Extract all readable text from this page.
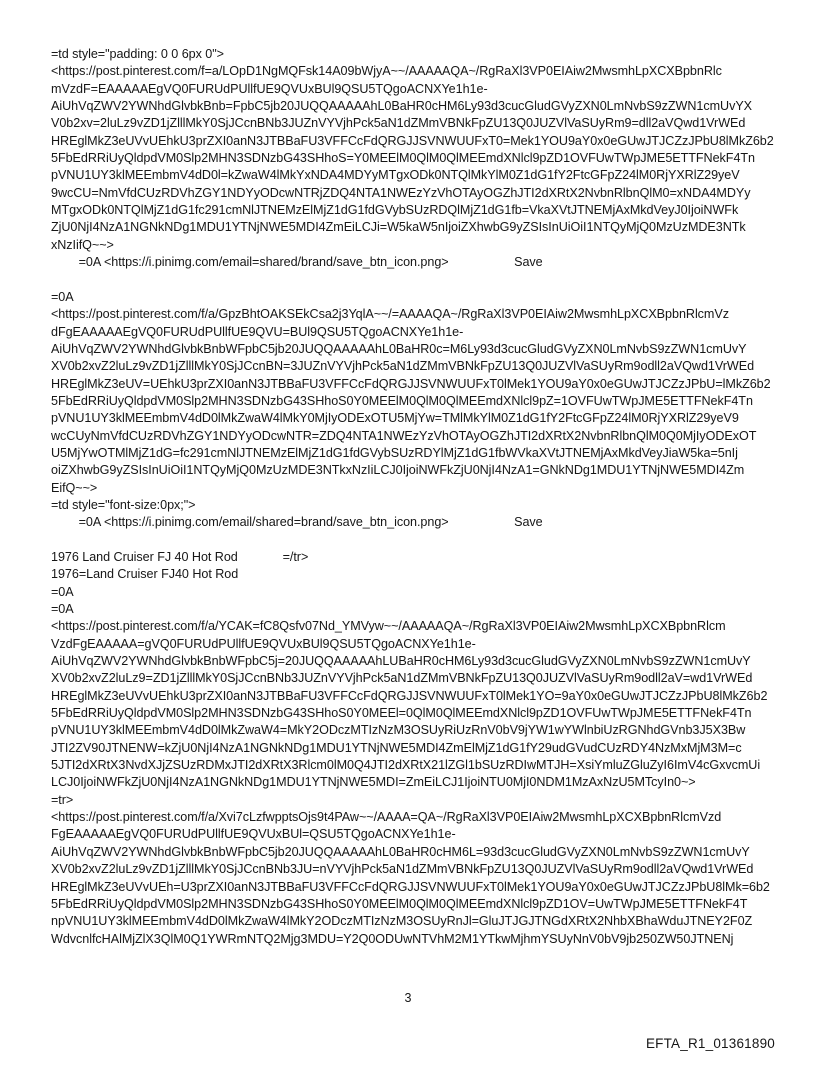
=td style="padding: 0 0 6px 0">
<https://post.pinterest.com/f=a/LOpD1NgMQFsk14A09bWjyA~~/AAAAAQA~/RgRaXl3VP0EIAiw2MwsmhLpXCXBpbnRlc
mVzdF=EAAAAAEgVQ0FURUdPUllfUE9QVUxBUl9QSU5TQgoACNXYe1h1e-
AiUhVqZWV2YWNhdGlvbkBnb=FpbC5jb20JUQQAAAAAhL0BaHR0cHM6Ly93d3cucGludGVyZXN0LmNvbS9zZWN1cmUvYX
V0b2xv=2luLz9vZD1jZlllMkY0SjJCcnBNb3JUZnVYVjhPck5aN1dZMmVBNkFpZU13Q0JUZVlVaSUyRm9=dll2aVQwd1VrWEd
HREglMkZ3eUVvUEhkU3prZXI0anN3JTBBaFU3VFFCcFdQRGJJSVNWUUFxT0=Mek1YOU9aY0x0eGUwJTJCZzJPbU8lMkZ6b2
5FbEdRRiUyQldpdVM0Slp2MHN3SDNzbG43SHhoS=Y0MEElM0QlM0QlMEEmdXNlcl9pZD1OVFUwTWpJME5ETTFNekF4Tn
pVNU1UY3klMEEmbmV4dD0l=kZwaW4lMkYxNDA4MDYyMTgxODk0NTQlMkYlM0Z1dG1fY2FtcGFpZ24lM0RjYXRlZ29yeV
9wcCU=NmVfdCUzRDVhZGY1NDYyODcwNTRjZDQ4NTA1NWEzYzVhOTAyOGZhJTI2dXRtX2NvbnRlbnQlM0=xNDA4MDYy
MTgxODk0NTQlMjZ1dG1fc291cmNlJTNEMzElMjZ1dG1fdGVybSUzRDQlMjZ1dG1fb=VkaXVtJTNEMjAxMkdVeyJ0IjoiNWFk
ZjU0NjI4NzA1NGNkNDg1MDU1YTNjNWE5MDI4ZmEiLCJi=W5kaW5nIjoiZXhwbG9yZSIsInUiOiI1NTQyMjQ0MzUzMDE3NTk
xNzIifQ~~>
=0A <https://i.pinimg.com/email=shared/brand/save_btn_icon.png>                   Save
=0A
<https://post.pinterest.com/f/a/GpzBhtOAKSEkCsa2j3YqlA~~/=AAAAQA~/RgRaXl3VP0EIAiw2MwsmhLpXCXBpbnRlcmVz
dFgEAAAAAEgVQ0FURUdPUllfUE9QVU=BUl9QSU5TQgoACNXYe1h1e-
AiUhVqZWV2YWNhdGlvbkBnbWFpbC5jb20JUQQAAAAAhL0BaHR0c=M6Ly93d3cucGludGVyZXN0LmNvbS9zZWN1cmUvY
XV0b2xvZ2luLz9vZD1jZlllMkY0SjJCcnBN=3JUZnVYVjhPck5aN1dZMmVBNkFpZU13Q0JUZVlVaSUyRm9odll2aVQwd1VrWEd
HREglMkZ3eUV=UEhkU3prZXI0anN3JTBBaFU3VFFCcFdQRGJJSVNWUUFxT0lMek1YOU9aY0x0eGUwJTJCZzJPbU=lMkZ6b2
5FbEdRRiUyQldpdVM0Slp2MHN3SDNzbG43SHhoS0Y0MEElM0QlM0QlMEEmdXNlcl9pZ=1OVFUwTWpJME5ETTFNekF4Tn
pVNU1UY3klMEEmbmV4dD0lMkZwaW4lMkY0MjIyODExOTU5MjYw=TMlMkYlM0Z1dG1fY2FtcGFpZ24lM0RjYXRlZ29yeV9
wcCUyNmVfdCUzRDVhZGY1NDYyODcwNTR=ZDQ4NTA1NWEzYzVhOTAyOGZhJTI2dXRtX2NvbnRlbnQlM0Q0MjIyODExOT
U5MjYwOTMlMjZ1dG=fc291cmNlJTNEMzElMjZ1dG1fdGVybSUzRDYlMjZ1dG1fbWVkaXVtJTNEMjAxMkdVeyJiaW5ka=5nIj
oiZXhwbG9yZSIsInUiOiI1NTQyMjQ0MzUzMDE3NTkxNzIiLCJ0IjoiNWFkZjU0NjI4NzA1=GNkNDg1MDU1YTNjNWE5MDI4Zm
EifQ~~>
=td style="font-size:0px;">
=0A <https://i.pinimg.com/email/shared=brand/save_btn_icon.png>                   Save
1976 Land Cruiser FJ 40 Hot Rod             =/tr>
1976=Land Cruiser FJ40 Hot Rod
=0A
=0A
<https://post.pinterest.com/f/a/YCAK=fC8Qsfv07Nd_YMVyw~~/AAAAAQA~/RgRaXl3VP0EIAiw2MwsmhLpXCXBpbnRlcm
VzdFgEAAAAA=gVQ0FURUdPUllfUE9QVUxBUl9QSU5TQgoACNXYe1h1e-
AiUhVqZWV2YWNhdGlvbkBnbWFpbC5j=20JUQQAAAAAhLUBaHR0cHM6Ly93d3cucGludGVyZXN0LmNvbS9zZWN1cmUvY
XV0b2xvZ2luLz9=ZD1jZlllMkY0SjJCcnBNb3JUZnVYVjhPck5aN1dZMmVBNkFpZU13Q0JUZVlVaSUyRm9odll2aV=wd1VrWEd
HREglMkZ3eUVvUEhkU3prZXI0anN3JTBBaFU3VFFCcFdQRGJJSVNWUUFxT0lMek1YO=9aY0x0eGUwJTJCZzJPbU8lMkZ6b2
5FbEdRRiUyQldpdVM0Slp2MHN3SDNzbG43SHhoS0Y0MEEl=0QlM0QlMEEmdXNlcl9pZD1OVFUwTWpJME5ETTFNekF4Tn
pVNU1UY3klMEEmbmV4dD0lMkZwaW4=MkY2ODczMTIzNzM3OSUyRiUzRnV0bV9jYW1wYWlnbiUzRGNhdGVnb3J5X3Bw
JTI2ZV90JTNENW=kZjU0NjI4NzA1NGNkNDg1MDU1YTNjNWE5MDI4ZmElMjZ1dG1fY29udGVudCUzRDY4NzMxMjM3M=c
5JTI2dXRtX3NvdXJjZSUzRDMxJTI2dXRtX3Rlcm0lM0Q4JTI2dXRtX21lZGl1bSUzRDIwMTJH=XsiYmluZGluZyI6ImV4cGxvcmUi
LCJ0IjoiNWFkZjU0NjI4NzA1NGNkNDg1MDU1YTNjNWE5MDI=ZmEiLCJ1IjoiNTU0MjI0NDM1MzAxNzU5MTcyIn0~>
=tr>
<https://post.pinterest.com/f/a/Xvi7cLzfwpptsOjs9t4PAw~~/AAAA=QA~/RgRaXl3VP0EIAiw2MwsmhLpXCXBpbnRlcmVzd
FgEAAAAAEgVQ0FURUdPUllfUE9QVUxBUl=QSU5TQgoACNXYe1h1e-
AiUhVqZWV2YWNhdGlvbkBnbWFpbC5jb20JUQQAAAAAhL0BaHR0cHM6L=93d3cucGludGVyZXN0LmNvbS9zZWN1cmUvY
XV0b2xvZ2luLz9vZD1jZlllMkY0SjJCcnBNb3JU=nVYVjhPck5aN1dZMmVBNkFpZU13Q0JUZVlVaSUyRm9odll2aVQwd1VrWEd
HREglMkZ3eUVvUEh=U3prZXI0anN3JTBBaFU3VFFCcFdQRGJJSVNWUUFxT0lMek1YOU9aY0x0eGUwJTJCZzJPbU8lMk=6b2
5FbEdRRiUyQldpdVM0Slp2MHN3SDNzbG43SHhoS0Y0MEElM0QlM0QlMEEmdXNlcl9pZD1OV=UwTWpJME5ETTFNekF4T
npVNU1UY3klMEEmbmV4dD0lMkZwaW4lMkY2ODczMTIzNzM3OSUyRnJl=GluJTJGJTNGdXRtX2NhbXBhaWduJTNEY2F0Z
WdvcnlfcHAlMjZlX3QlM0Q1YWRmNTQ2Mjg3MDU=Y2Q0ODUwNTVhM2M1YTkwMjhmYSUyNnV0bV9jb250ZW50JTNENj
3
EFTA_R1_01361890
